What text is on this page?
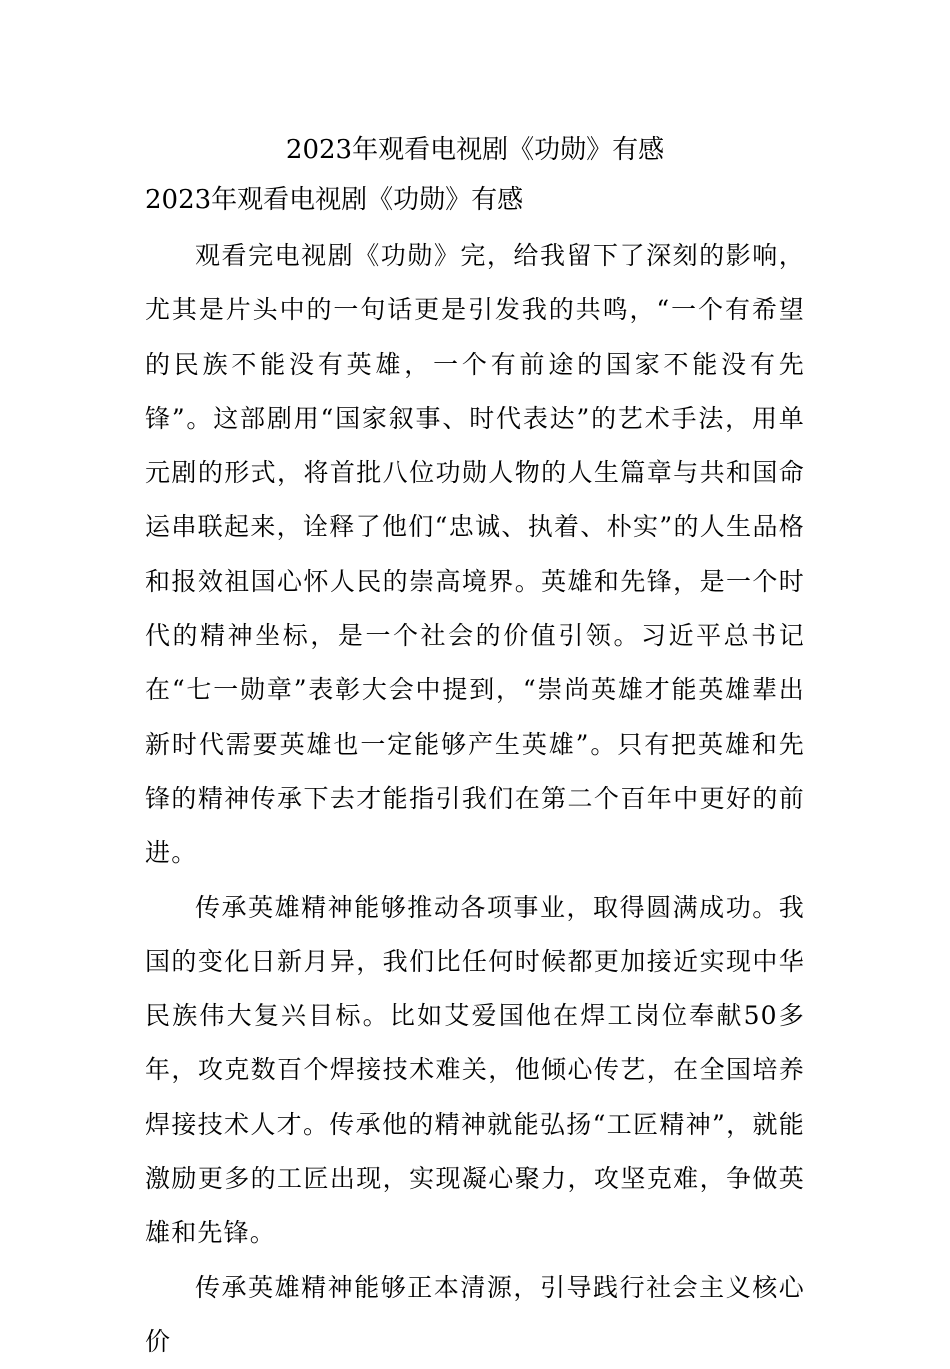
2023年观看电视剧《功勋》有感
2023年观看电视剧《功勋》有感

观看完电视剧《功勋》完，给我留下了深刻的影响，尤其是片头中的一句话更是引发我的共鸣，“一个有希望的民族不能没有英雄，一个有前途的国家不能没有先锋”。这部剧用“国家叙事、时代表达”的艺术手法，用单元剧的形式，将首批八位功勋人物的人生篇章与共和国命运串联起来，诠释了他们“忠诚、执着、朴实”的人生品格和报效祖国心怀人民的崇高境界。英雄和先锋，是一个时代的精神坐标，是一个社会的价值引领。习近平总书记在“七一勋章”表彰大会中提到，“崇尚英雄才能英雄辈出新时代需要英雄也一定能够产生英雄”。只有把英雄和先锋的精神传承下去才能指引我们在第二个百年中更好的前进。

传承英雄精神能够推动各项事业，取得圆满成功。我国的变化日新月异，我们比任何时候都更加接近实现中华民族伟大复兴目标。比如艾爱国他在焊工岗位奉献50多年，攻克数百个焊接技术难关，他倾心传艺，在全国培养焊接技术人才。传承他的精神就能弘扬“工匠精神”，就能激励更多的工匠出现，实现凝心聚力，攻坚克难，争做英雄和先锋。

传承英雄精神能够正本清源，引导践行社会主义核心价
